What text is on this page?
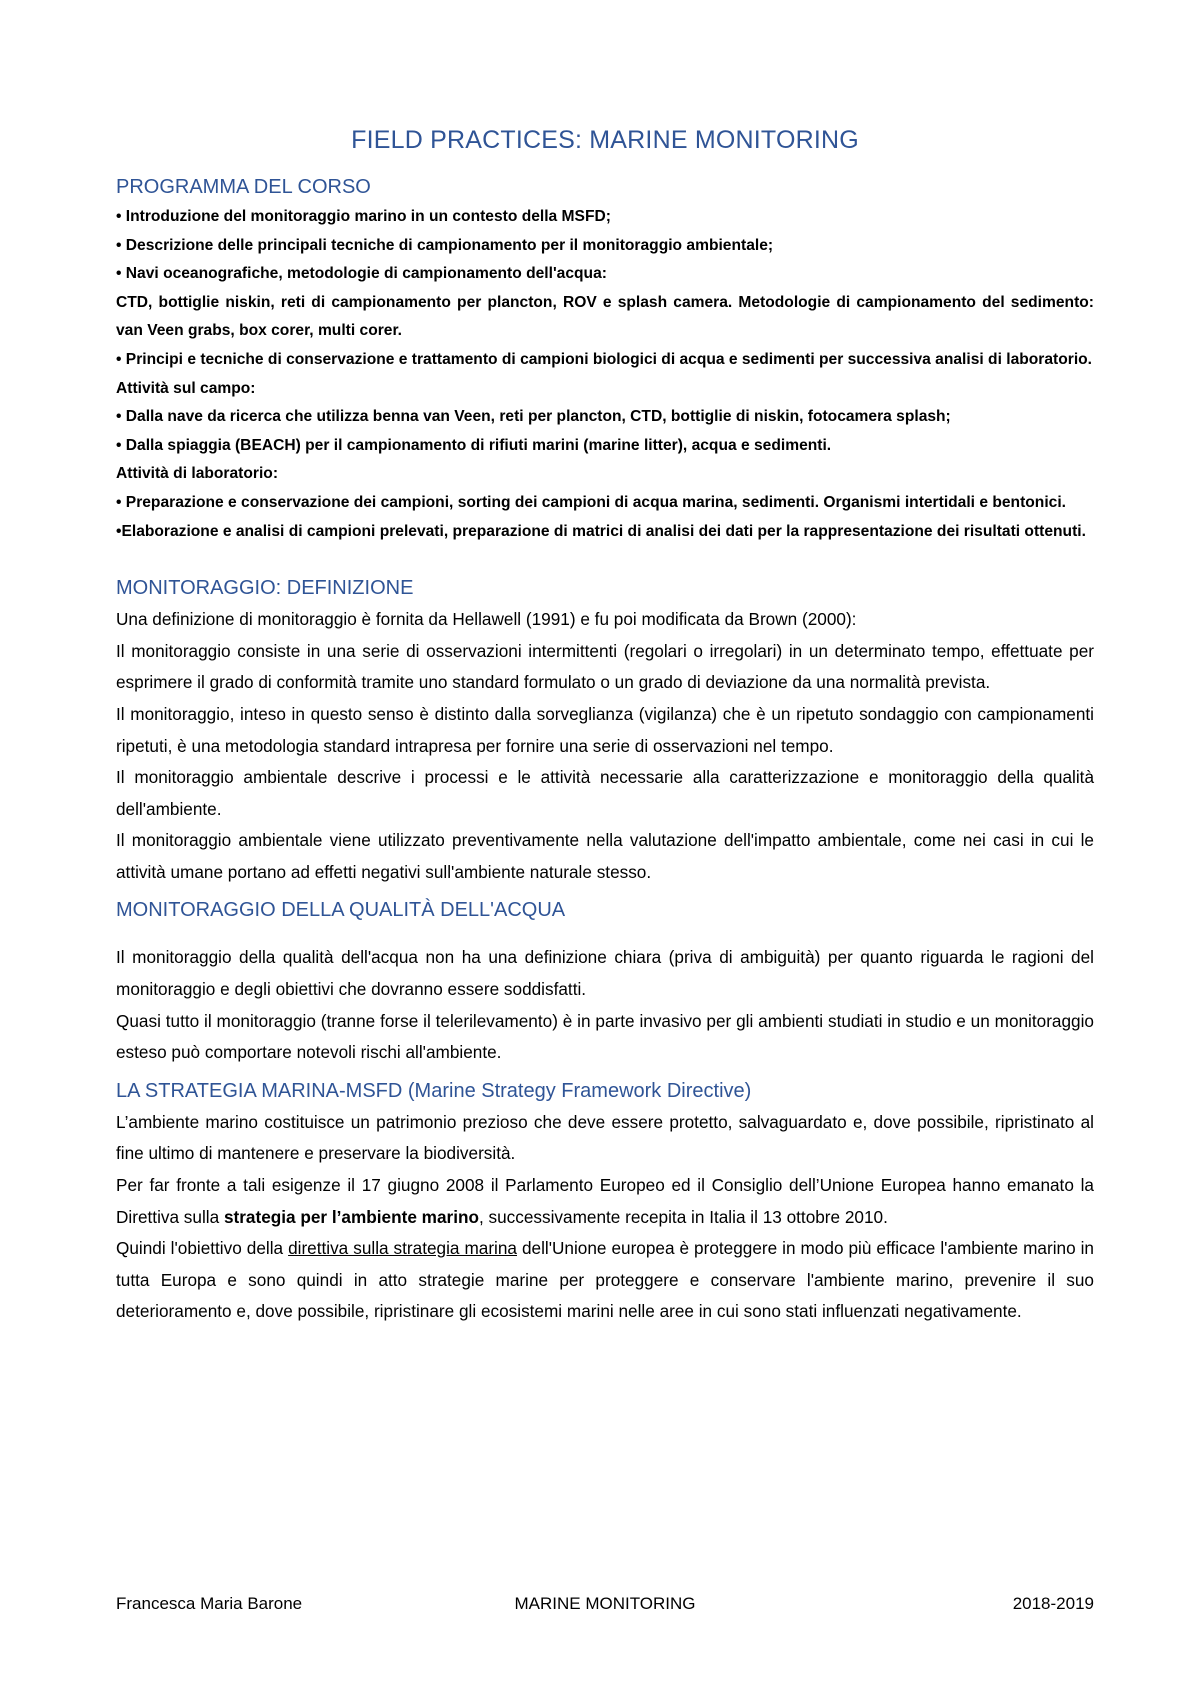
FIELD PRACTICES: MARINE MONITORING
PROGRAMMA DEL CORSO

• Introduzione del monitoraggio marino in un contesto della MSFD;

• Descrizione delle principali tecniche di campionamento per il monitoraggio ambientale;

• Navi oceanografiche, metodologie di campionamento dell'acqua:

CTD, bottiglie niskin, reti di campionamento per plancton, ROV e splash camera. Metodologie di campionamento del sedimento: van Veen grabs, box corer, multi corer.

• Principi e tecniche di conservazione e trattamento di campioni biologici di acqua e sedimenti per successiva analisi di laboratorio.

Attività sul campo:

• Dalla nave da ricerca che utilizza benna van Veen, reti per plancton, CTD, bottiglie di niskin, fotocamera splash;

• Dalla spiaggia (BEACH) per il campionamento di rifiuti marini (marine litter), acqua e sedimenti.

Attività di laboratorio:

• Preparazione e conservazione dei campioni, sorting dei campioni di acqua marina, sedimenti. Organismi intertidali e bentonici.

•Elaborazione e analisi di campioni prelevati, preparazione di matrici di analisi dei dati per la rappresentazione dei risultati ottenuti.

MONITORAGGIO: DEFINIZIONE

Una definizione di monitoraggio è fornita da Hellawell (1991) e fu poi modificata da Brown (2000):

Il monitoraggio consiste in una serie di osservazioni intermittenti (regolari o irregolari) in un determinato tempo, effettuate per esprimere il grado di conformità tramite uno standard formulato o un grado di deviazione da una normalità prevista.

Il monitoraggio, inteso in questo senso è distinto dalla sorveglianza (vigilanza) che è un ripetuto sondaggio con campionamenti ripetuti, è una metodologia standard intrapresa per fornire una serie di osservazioni nel tempo.

Il monitoraggio ambientale descrive i processi e le attività necessarie alla caratterizzazione e monitoraggio della qualità dell'ambiente.

Il monitoraggio ambientale viene utilizzato preventivamente nella valutazione dell'impatto ambientale, come nei casi in cui le attività umane portano ad effetti negativi sull'ambiente naturale stesso.

MONITORAGGIO DELLA QUALITÀ DELL'ACQUA

Il monitoraggio della qualità dell'acqua non ha una definizione chiara (priva di ambiguità) per quanto riguarda le ragioni del monitoraggio e degli obiettivi che dovranno essere soddisfatti.

Quasi tutto il monitoraggio (tranne forse il telerilevamento) è in parte invasivo per gli ambienti studiati in studio e un monitoraggio esteso può comportare notevoli rischi all'ambiente.

LA STRATEGIA MARINA-MSFD (Marine Strategy Framework Directive)

L’ambiente marino costituisce un patrimonio prezioso che deve essere protetto, salvaguardato e, dove possibile, ripristinato al fine ultimo di mantenere e preservare la biodiversità.

Per far fronte a tali esigenze il 17 giugno 2008 il Parlamento Europeo ed il Consiglio dell’Unione Europea hanno emanato la Direttiva sulla strategia per l’ambiente marino, successivamente recepita in Italia il 13 ottobre 2010.

Quindi l'obiettivo della direttiva sulla strategia marina dell'Unione europea è proteggere in modo più efficace l'ambiente marino in tutta Europa e sono quindi in atto strategie marine per proteggere e conservare l'ambiente marino, prevenire il suo deterioramento e, dove possibile, ripristinare gli ecosistemi marini nelle aree in cui sono stati influenzati negativamente.

Francesca Maria Barone	MARINE MONITORING	2018-2019
